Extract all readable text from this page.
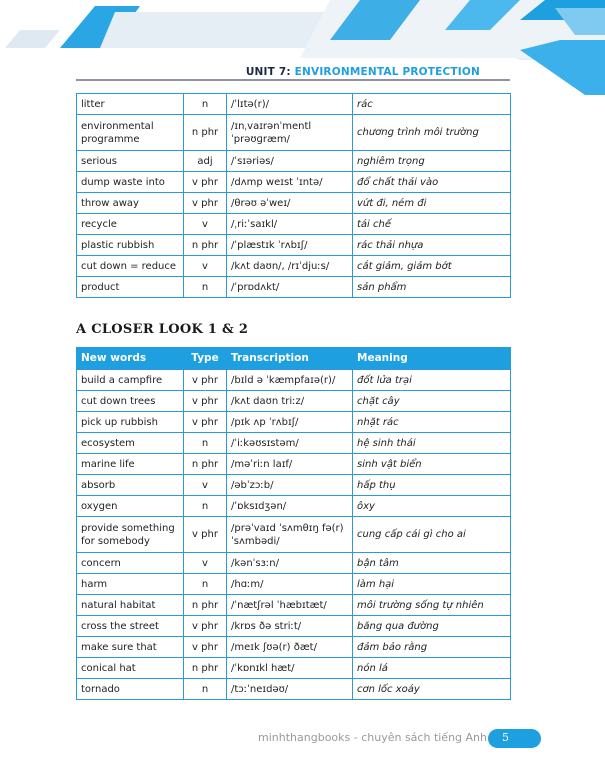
UNIT 7: ENVIRONMENTAL PROTECTION
litter	n	/ˈlɪtə(r)/	rác
environmental programme	n phr	/ɪnˌvaɪrənˈmentl ˈprəʊɡræm/	chương trình môi trường
serious	adj	/ˈsɪəriəs/	nghiêm trọng
dump waste into	v phr	/dʌmp weɪst ˈɪntə/	đổ chất thải vào
throw away	v phr	/θrəʊ əˈweɪ/	vứt đi, ném đi
recycle	v	/ˌriːˈsaɪkl/	tái chế
plastic rubbish	n phr	/ˈplæstɪk ˈrʌbɪʃ/	rác thải nhựa
cut down = reduce	v	/kʌt daʊn/, /rɪˈdjuːs/	cắt giảm, giảm bớt
product	n	/ˈprɒdʌkt/	sản phẩm
A CLOSER LOOK 1 & 2
New words	Type	Transcription	Meaning
build a campfire	v phr	/bɪld ə ˈkæmpfaɪə(r)/	đốt lửa trại
cut down trees	v phr	/kʌt daʊn triːz/	chặt cây
pick up rubbish	v phr	/pɪk ʌp ˈrʌbɪʃ/	nhặt rác
ecosystem	n	/ˈiːkəʊsɪstəm/	hệ sinh thái
marine life	n phr	/məˈriːn laɪf/	sinh vật biển
absorb	v	/əbˈzɔːb/	hấp thụ
oxygen	n	/ˈɒksɪdʒən/	ôxy
provide something for somebody	v phr	/prəˈvaɪd ˈsʌmθɪŋ fə(r) ˈsʌmbədi/	cung cấp cái gì cho ai
concern	v	/kənˈsɜːn/	bận tâm
harm	n	/hɑːm/	làm hại
natural habitat	n phr	/ˈnætʃrəl ˈhæbɪtæt/	môi trường sống tự nhiên
cross the street	v phr	/krɒs ðə striːt/	băng qua đường
make sure that	v phr	/meɪk ʃʊə(r) ðæt/	đảm bảo rằng
conical hat	n phr	/ˈkɒnɪkl hæt/	nón lá
tornado	n	/tɔːˈneɪdəʊ/	cơn lốc xoáy
minhthangbooks - chuyên sách tiếng Anh 5
